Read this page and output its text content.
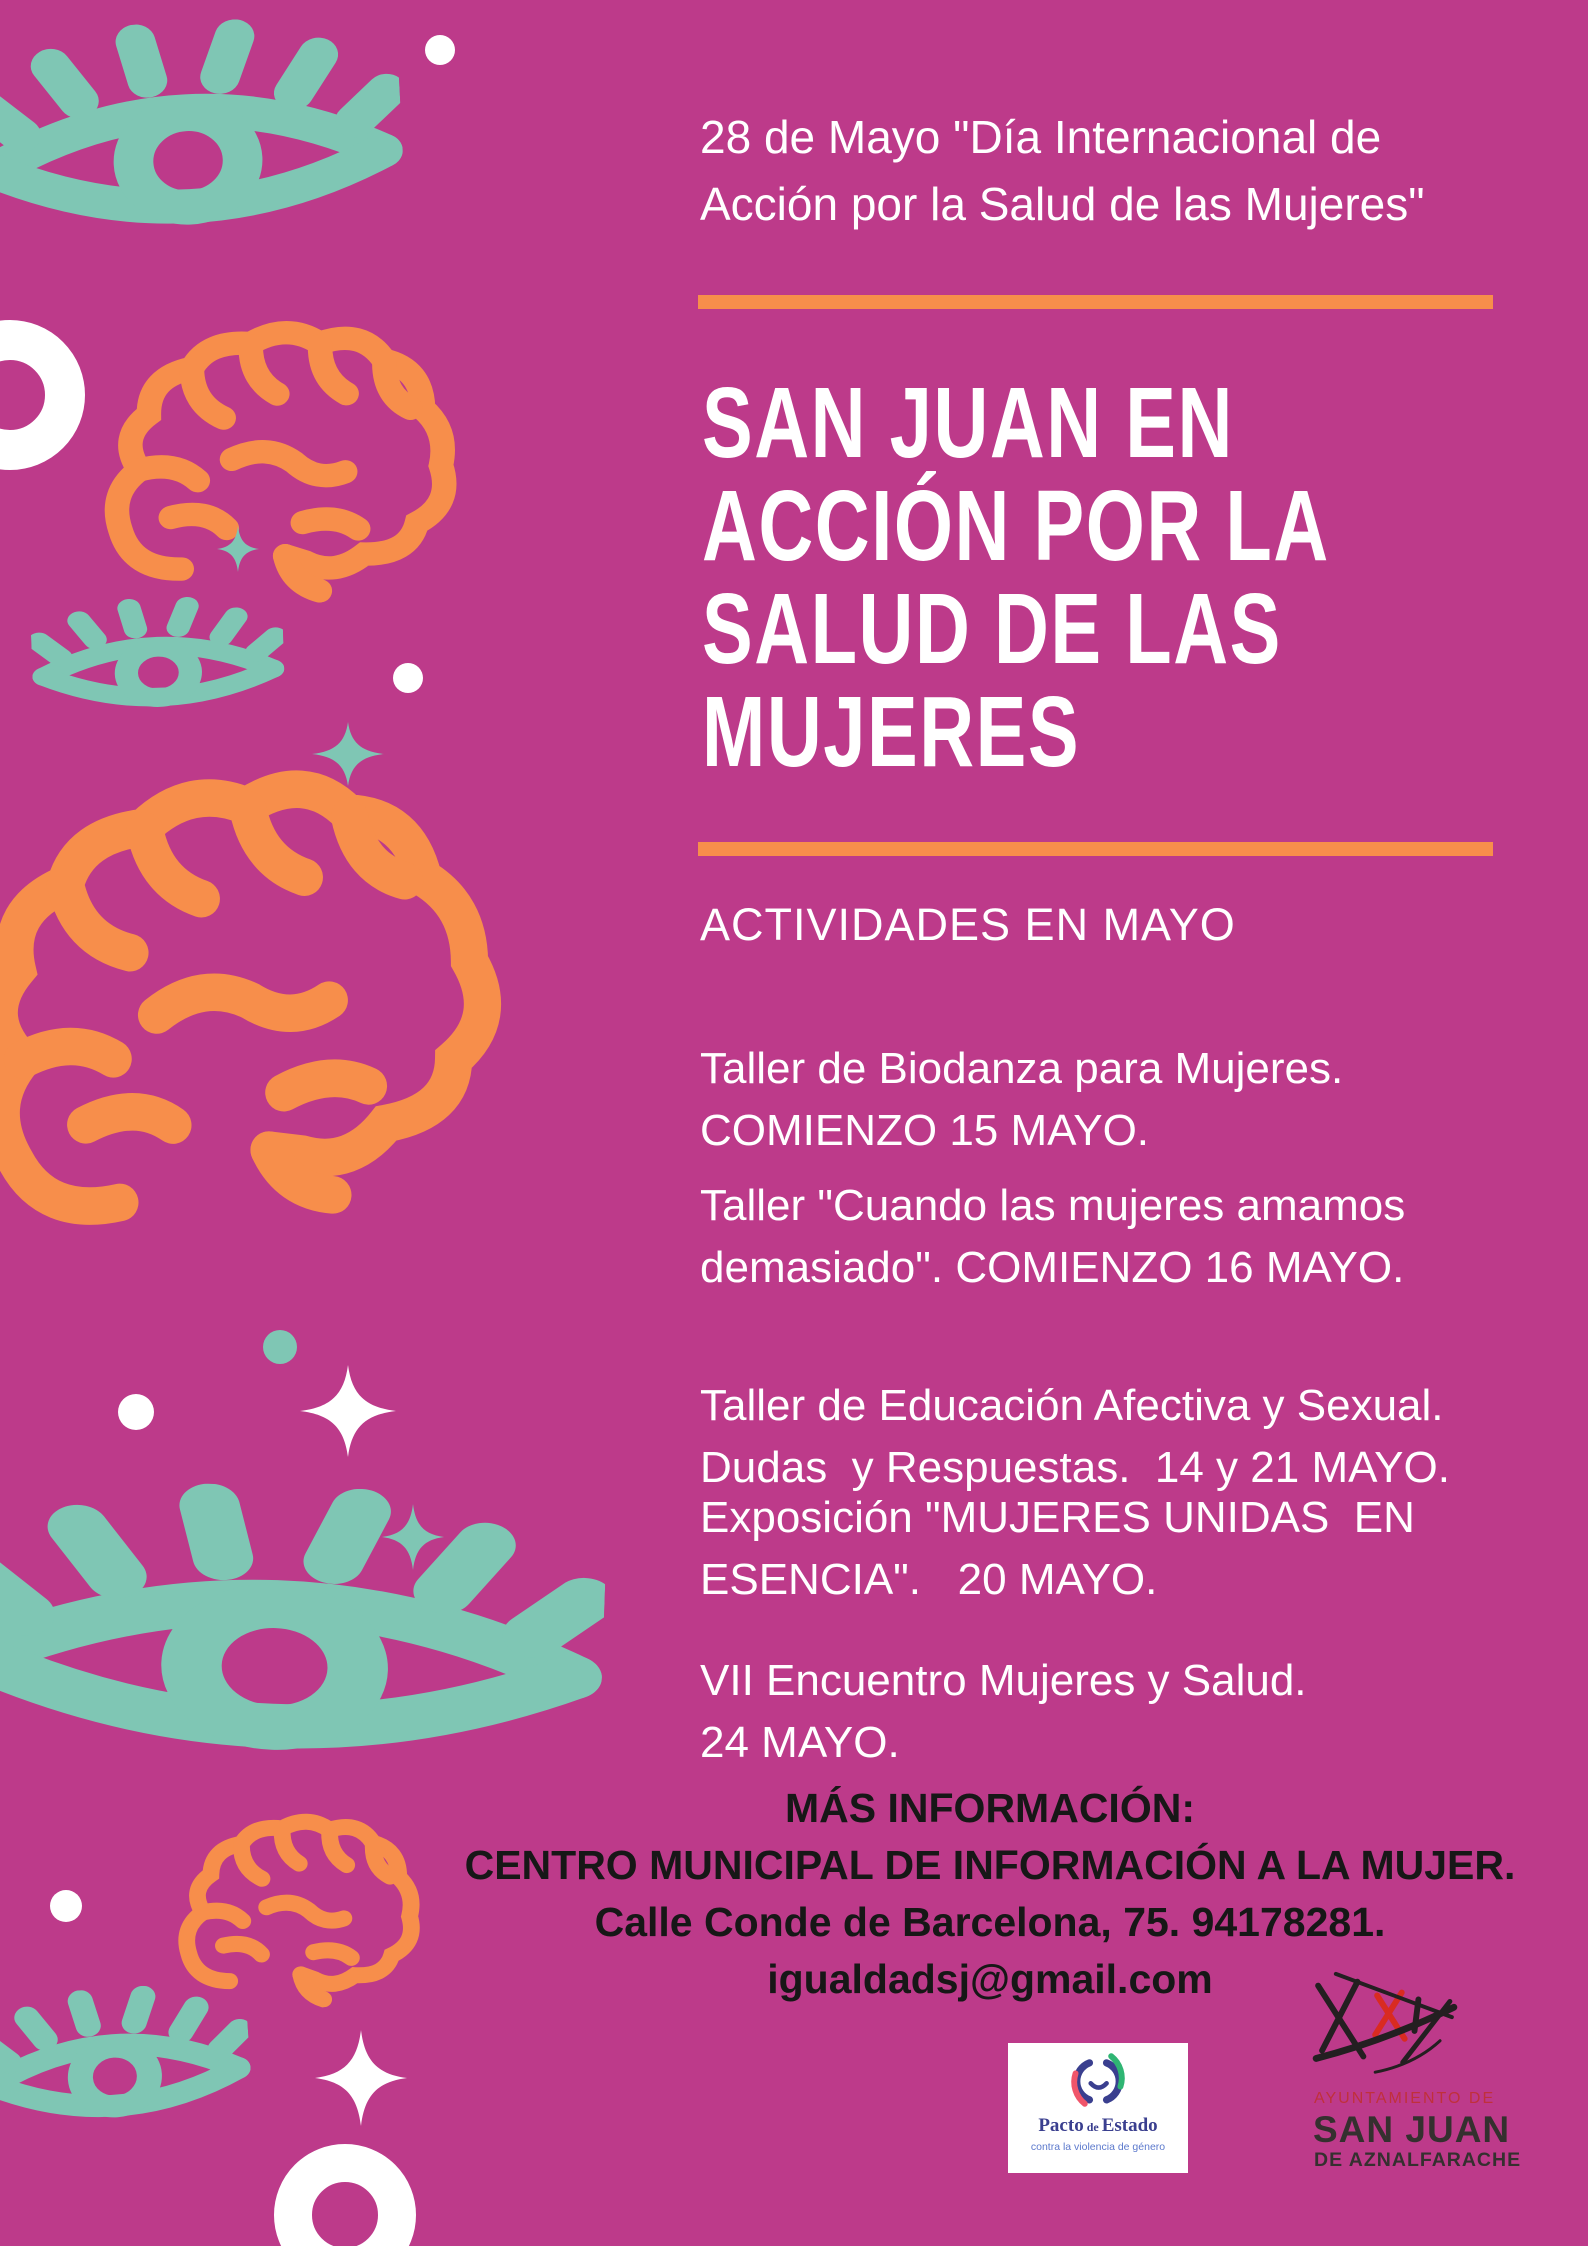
28 de Mayo "Día Internacional de
Acción por la Salud de las Mujeres"
SAN JUAN EN
ACCIÓN POR LA
SALUD DE LAS
MUJERES
ACTIVIDADES EN MAYO
Taller de Biodanza para Mujeres.
COMIENZO 15 MAYO.
Taller "Cuando las mujeres amamos
demasiado". COMIENZO 16 MAYO.
Taller de Educación Afectiva y Sexual.
Dudas  y Respuestas.  14 y 21 MAYO.
Exposición "MUJERES UNIDAS  EN
ESENCIA".   20 MAYO.
VII Encuentro Mujeres y Salud.
24 MAYO.
MÁS INFORMACIÓN:
CENTRO MUNICIPAL DE INFORMACIÓN A LA MUJER.
Calle Conde de Barcelona, 75. 94178281.
igualdadsj@gmail.com
Pacto de Estado
contra la violencia de género
AYUNTAMIENTO DE
SAN JUAN
DE AZNALFARACHE
